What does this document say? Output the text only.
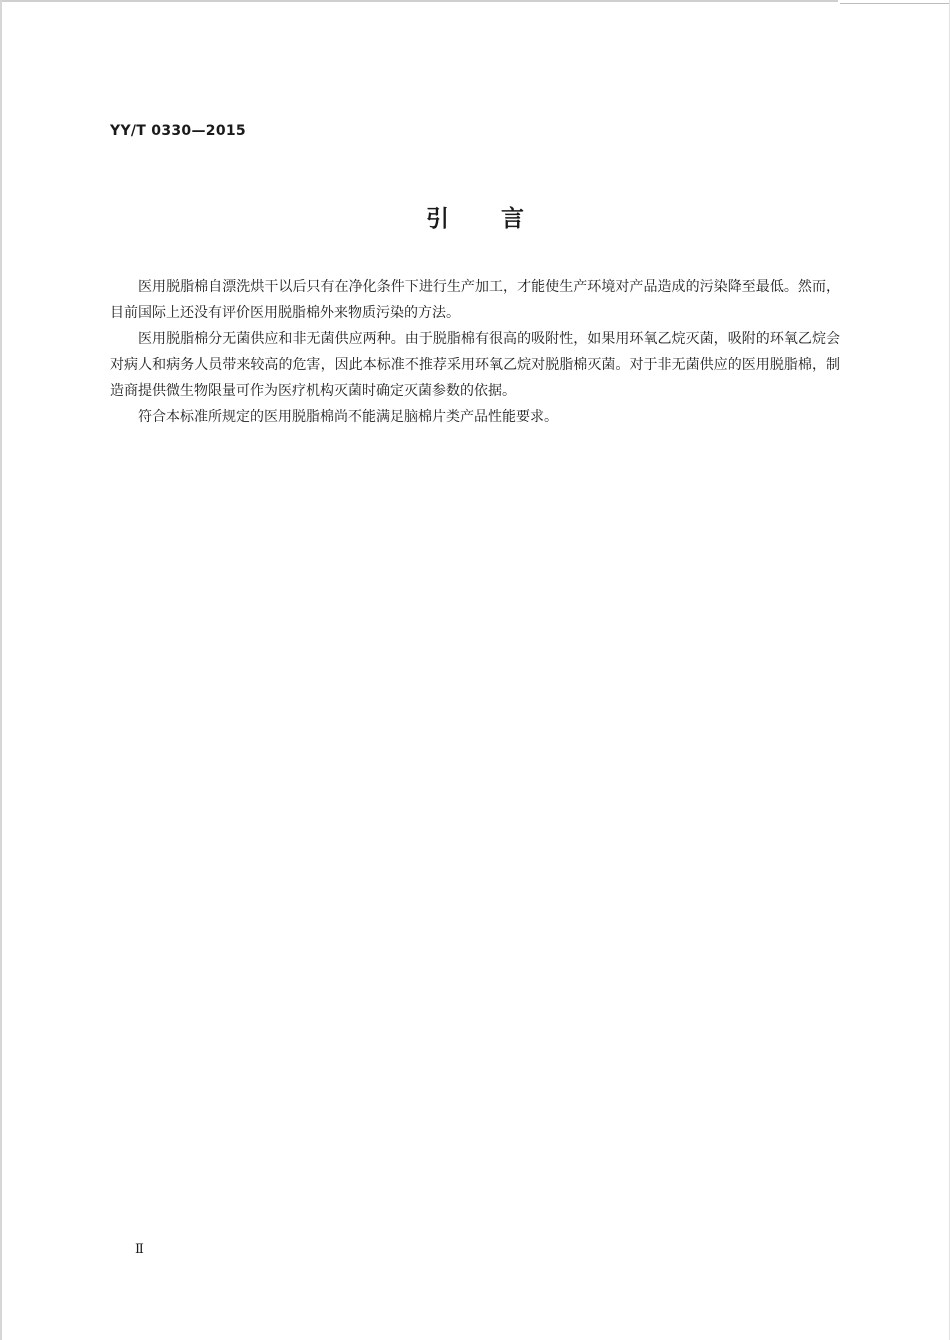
YY/T 0330—2015
引言

医用脱脂棉自漂洗烘干以后只有在净化条件下进行生产加工，才能使生产环境对产品造成的污染降至最低。然而，目前国际上还没有评价医用脱脂棉外来物质污染的方法。

医用脱脂棉分无菌供应和非无菌供应两种。由于脱脂棉有很高的吸附性，如果用环氧乙烷灭菌，吸附的环氧乙烷会对病人和病务人员带来较高的危害，因此本标准不推荐采用环氧乙烷对脱脂棉灭菌。对于非无菌供应的医用脱脂棉，制造商提供微生物限量可作为医疗机构灭菌时确定灭菌参数的依据。

符合本标准所规定的医用脱脂棉尚不能满足脑棉片类产品性能要求。

Ⅱ
